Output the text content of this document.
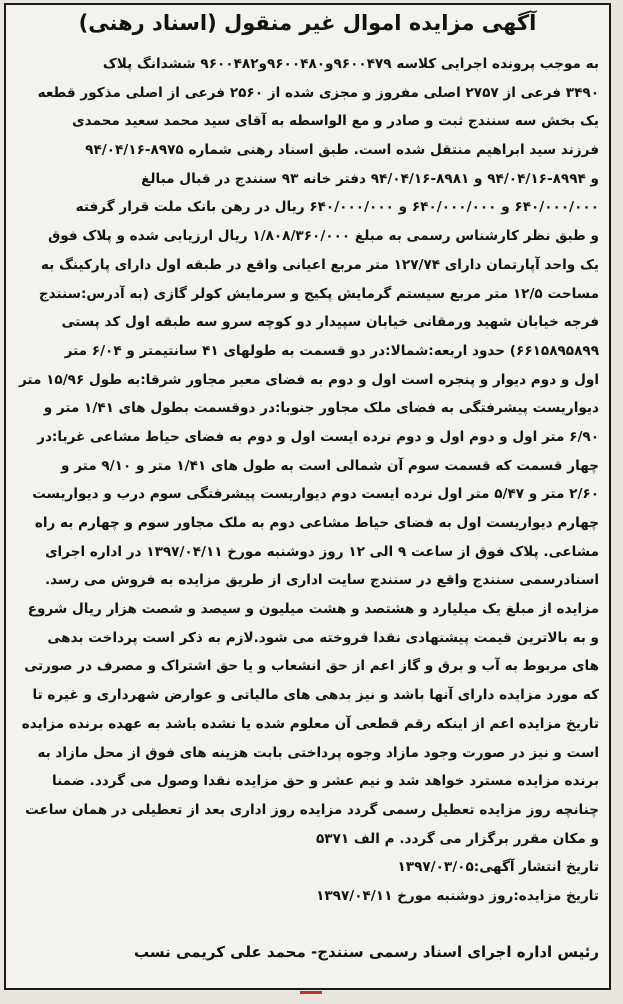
آگهی مزایده اموال غیر منقول (اسناد رهنی)
به موجب پرونده اجرایی کلاسه ۹۶۰۰۴۷۹و۹۶۰۰۴۸۰و۹۶۰۰۴۸۲ ششدانگ پلاک
۳۴۹۰ فرعی از ۲۷۵۷ اصلی مفروز و مجزی شده از ۲۵۶۰ فرعی از اصلی مذکور قطعه
یک بخش سه سنندج ثبت و صادر و مع الواسطه به آقای سید محمد سعید محمدی
فرزند سید ابراهیم منتقل شده است. طبق اسناد رهنی شماره ۸۹۷۵-۹۴/۰۴/۱۶
و ۸۹۹۴-۹۴/۰۴/۱۶ و ۸۹۸۱-۹۴/۰۴/۱۶ دفتر خانه ۹۳ سنندج در قبال مبالغ
۶۴۰/۰۰۰/۰۰۰ و ۶۴۰/۰۰۰/۰۰۰ و ۶۴۰/۰۰۰/۰۰۰ ریال در رهن بانک ملت قرار گرفته
و طبق نظر کارشناس رسمی به مبلغ ۱/۸۰۸/۳۶۰/۰۰۰ ریال ارزیابی شده و پلاک فوق
یک واحد آپارتمان دارای ۱۲۷/۷۴ متر مربع اعیانی واقع در طبقه اول دارای پارکینگ به
مساحت ۱۲/۵ متر مربع سیستم گرمایش پکیج و سرمایش کولر گازی (به آدرس:سنندج
فرجه خیابان شهید ورمقانی خیابان سپیدار دو کوچه سرو سه طبقه اول کد پستی
۶۶۱۵۸۹۵۸۹۹) حدود اربعه:شمالا:در دو قسمت به طولهای ۴۱ سانتیمتر و ۶/۰۴ متر
اول و دوم دیوار و پنجره است اول و دوم به فضای معبر مجاور شرقا:به طول ۱۵/۹۶ متر
دیواریست پیشرفتگی به فضای ملک مجاور جنوبا:در دوقسمت بطول های ۱/۴۱ متر و
۶/۹۰ متر اول و دوم اول و دوم نرده ایست اول و دوم به فضای حیاط مشاعی غربا:در
چهار قسمت که قسمت سوم آن شمالی است به طول های ۱/۴۱ متر و ۹/۱۰ متر و
۲/۶۰ متر و ۵/۴۷ متر اول نرده ایست دوم دیواریست پیشرفتگی سوم درب و دیواریست
چهارم دیواریست اول به فضای حیاط مشاعی دوم به ملک مجاور سوم و چهارم به راه
مشاعی. پلاک فوق از ساعت ۹ الی ۱۲ روز دوشنبه مورخ ۱۳۹۷/۰۴/۱۱ در اداره اجرای
اسنادرسمی سنندج واقع در سنندج سایت اداری از طریق مزایده به فروش می رسد.
مزایده از مبلغ یک میلیارد و هشتصد و هشت میلیون و سیصد و شصت هزار ریال شروع
و به بالاترین قیمت پیشنهادی نقدا فروخته می شود.لازم به ذکر است پرداخت بدهی
های مربوط به آب و برق و گاز اعم از حق انشعاب و یا حق اشتراک و مصرف در صورتی
که مورد مزایده دارای آنها باشد و نیز بدهی های مالیاتی و عوارض شهرداری و غیره تا
تاریخ مزایده اعم از اینکه رقم قطعی آن معلوم شده یا نشده باشد به عهده برنده مزایده
است و نیز در صورت وجود مازاد وجوه پرداختی بابت هزینه های فوق از محل مازاد به
برنده مزایده مسترد خواهد شد و نیم عشر و حق مزایده نقدا وصول می گردد. ضمنا
چنانچه روز مزایده تعطیل رسمی گردد مزایده روز اداری بعد از تعطیلی در همان ساعت
و مکان مقرر برگزار می گردد. م الف ۵۳۷۱
تاریخ انتشار آگهی:۱۳۹۷/۰۳/۰۵
تاریخ مزایده:روز دوشنبه مورخ ۱۳۹۷/۰۴/۱۱
رئیس اداره اجرای اسناد رسمی سنندج- محمد علی کریمی نسب
